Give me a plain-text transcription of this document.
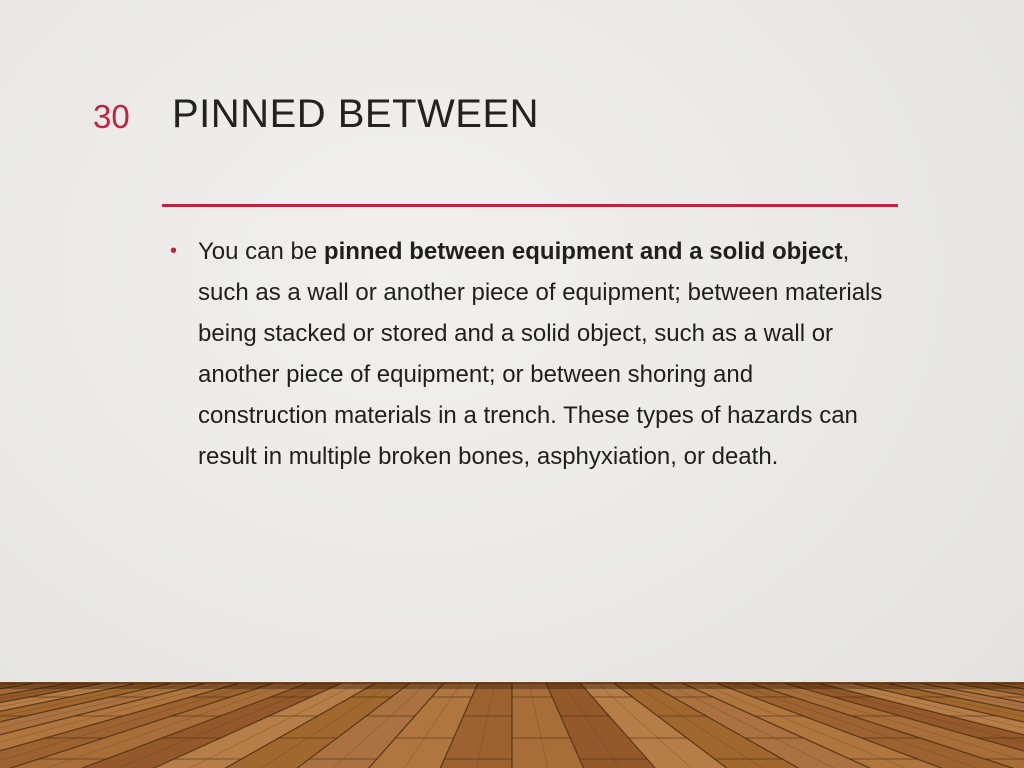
30 PINNED BETWEEN
• You can be pinned between equipment and a solid object, such as a wall or another piece of equipment; between materials being stacked or stored and a solid object, such as a wall or another piece of equipment; or between shoring and construction materials in a trench. These types of hazards can result in multiple broken bones, asphyxiation, or death.
